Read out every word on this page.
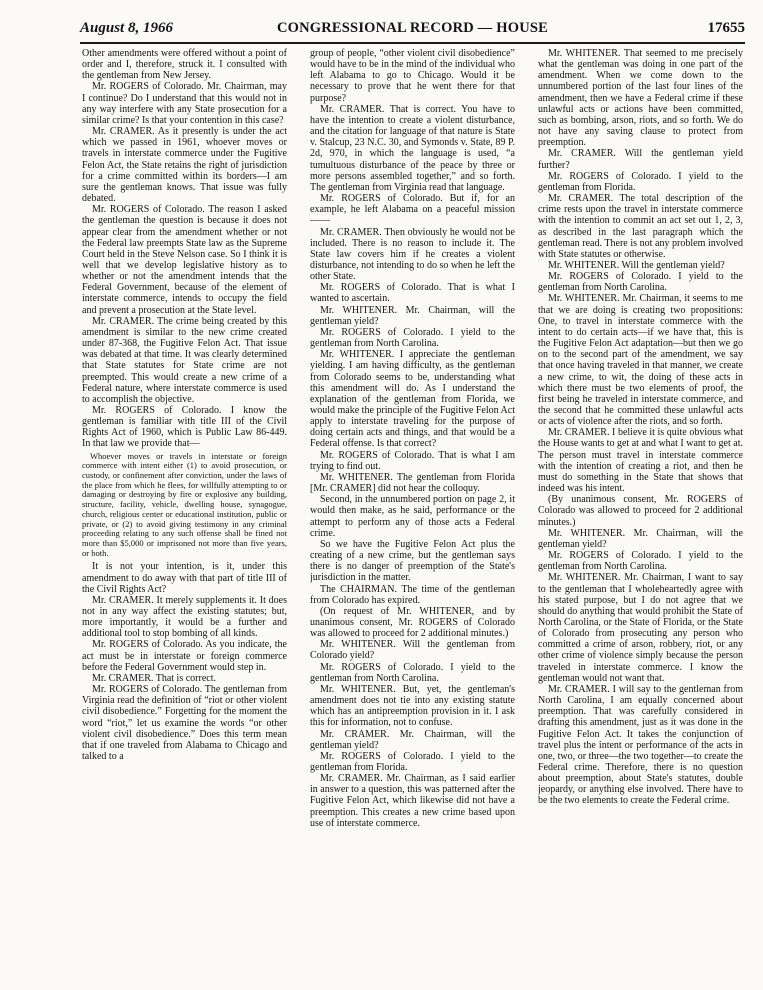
August 8, 1966	CONGRESSIONAL RECORD — HOUSE	17655

Other amendments were offered without a point of order and I, therefore, struck it. I consulted with the gentleman from New Jersey.

Mr. ROGERS of Colorado. Mr. Chairman, may I continue? Do I understand that this would not in any way interfere with any State prosecution for a similar crime? Is that your contention in this case?

Mr. CRAMER. As it presently is under the act which we passed in 1961, whoever moves or travels in interstate commerce under the Fugitive Felon Act, the State retains the right of jurisdiction for a crime committed within its borders—I am sure the gentleman knows. That issue was fully debated.

Mr. ROGERS of Colorado. The reason I asked the gentleman the question is because it does not appear clear from the amendment whether or not the Federal law preempts State law as the Supreme Court held in the Steve Nelson case. So I think it is well that we develop legislative history as to whether or not the amendment intends that the Federal Government, because of the element of interstate commerce, intends to occupy the field and prevent a prosecution at the State level.

Mr. CRAMER. The crime being created by this amendment is similar to the new crime created under 87-368, the Fugitive Felon Act. That issue was debated at that time. It was clearly determined that State statutes for State crime are not preempted. This would create a new crime of a Federal nature, where interstate commerce is used to accomplish the objective.

Mr. ROGERS of Colorado. I know the gentleman is familiar with title III of the Civil Rights Act of 1960, which is Public Law 86-449. In that law we provide that—

Whoever moves or travels in interstate or foreign commerce with intent either (1) to avoid prosecution, or custody, or confinement after conviction, under the laws of the place from which he flees, for willfully attempting to or damaging or destroying by fire or explosive any building, structure, facility, vehicle, dwelling house, synagogue, church, religious center or educational institution, public or private, or (2) to avoid giving testimony in any criminal proceeding relating to any such offense shall be fined not more than $5,000 or imprisoned not more than five years, or both.

It is not your intention, is it, under this amendment to do away with that part of title III of the Civil Rights Act?

Mr. CRAMER. It merely supplements it. It does not in any way affect the existing statutes; but, more importantly, it would be a further and additional tool to stop bombing of all kinds.

Mr. ROGERS of Colorado. As you indicate, the act must be in interstate or foreign commerce before the Federal Government would step in.

Mr. CRAMER. That is correct.

Mr. ROGERS of Colorado. The gentleman from Virginia read the definition of “riot or other violent civil disobedience.” Forgetting for the moment the word “riot,” let us examine the words “or other violent civil disobedience.” Does this term mean that if one traveled from Alabama to Chicago and talked to a

group of people, “other violent civil disobedience” would have to be in the mind of the individual who left Alabama to go to Chicago. Would it be necessary to prove that he went there for that purpose?

Mr. CRAMER. That is correct. You have to have the intention to create a violent disturbance, and the citation for language of that nature is State v. Stalcup, 23 N.C. 30, and Symonds v. State, 89 P. 2d, 970, in which the language is used, “a tumultuous disturbance of the peace by three or more persons assembled together,” and so forth. The gentleman from Virginia read that language.

Mr. ROGERS of Colorado. But if, for an example, he left Alabama on a peaceful mission——

Mr. CRAMER. Then obviously he would not be included. There is no reason to include it. The State law covers him if he creates a violent disturbance, not intending to do so when he left the other State.

Mr. ROGERS of Colorado. That is what I wanted to ascertain.

Mr. WHITENER. Mr. Chairman, will the gentleman yield?

Mr. ROGERS of Colorado. I yield to the gentleman from North Carolina.

Mr. WHITENER. I appreciate the gentleman yielding. I am having difficulty, as the gentleman from Colorado seems to be, understanding what this amendment will do. As I understand the explanation of the gentleman from Florida, we would make the principle of the Fugitive Felon Act apply to interstate traveling for the purpose of doing certain acts and things, and that would be a Federal offense. Is that correct?

Mr. ROGERS of Colorado. That is what I am trying to find out.

Mr. WHITENER. The gentleman from Florida [Mr. CRAMER] did not hear the colloquy.

Second, in the unnumbered portion on page 2, it would then make, as he said, performance or the attempt to perform any of those acts a Federal crime.

So we have the Fugitive Felon Act plus the creating of a new crime, but the gentleman says there is no danger of preemption of the State's jurisdiction in the matter.

The CHAIRMAN. The time of the gentleman from Colorado has expired.

(On request of Mr. WHITENER, and by unanimous consent, Mr. ROGERS of Colorado was allowed to proceed for 2 additional minutes.)

Mr. WHITENER. Will the gentleman from Colorado yield?

Mr. ROGERS of Colorado. I yield to the gentleman from North Carolina.

Mr. WHITENER. But, yet, the gentleman's amendment does not tie into any existing statute which has an antipreemption provision in it. I ask this for information, not to confuse.

Mr. CRAMER. Mr. Chairman, will the gentleman yield?

Mr. ROGERS of Colorado. I yield to the gentleman from Florida.

Mr. CRAMER. Mr. Chairman, as I said earlier in answer to a question, this was patterned after the Fugitive Felon Act, which likewise did not have a preemption. This creates a new crime based upon use of interstate commerce.

Mr. WHITENER. That seemed to me precisely what the gentleman was doing in one part of the amendment. When we come down to the unnumbered portion of the last four lines of the amendment, then we have a Federal crime if these unlawful acts or actions have been committed, such as bombing, arson, riots, and so forth. We do not have any saving clause to protect from preemption.

Mr. CRAMER. Will the gentleman yield further?

Mr. ROGERS of Colorado. I yield to the gentleman from Florida.

Mr. CRAMER. The total description of the crime rests upon the travel in interstate commerce with the intention to commit an act set out 1, 2, 3, as described in the last paragraph which the gentleman read. There is not any problem involved with State statutes or otherwise.

Mr. WHITENER. Will the gentleman yield?

Mr. ROGERS of Colorado. I yield to the gentleman from North Carolina.

Mr. WHITENER. Mr. Chairman, it seems to me that we are doing is creating two propositions: One, to travel in interstate commerce with the intent to do certain acts—if we have that, this is the Fugitive Felon Act adaptation—but then we go on to the second part of the amendment, we say that once having traveled in that manner, we create a new crime, to wit, the doing of these acts in which there must be two elements of proof, the first being he traveled in interstate commerce, and the second that he committed these unlawful acts or acts of violence after the riots, and so forth.

Mr. CRAMER. I believe it is quite obvious what the House wants to get at and what I want to get at. The person must travel in interstate commerce with the intention of creating a riot, and then he must do something in the State that shows that indeed was his intent.

(By unanimous consent, Mr. ROGERS of Colorado was allowed to proceed for 2 additional minutes.)

Mr. WHITENER. Mr. Chairman, will the gentleman yield?

Mr. ROGERS of Colorado. I yield to the gentleman from North Carolina.

Mr. WHITENER. Mr. Chairman, I want to say to the gentleman that I wholeheartedly agree with his stated purpose, but I do not agree that we should do anything that would prohibit the State of North Carolina, or the State of Florida, or the State of Colorado from prosecuting any person who committed a crime of arson, robbery, riot, or any other crime of violence simply because the person traveled in interstate commerce. I know the gentleman would not want that.

Mr. CRAMER. I will say to the gentleman from North Carolina, I am equally concerned about preemption. That was carefully considered in drafting this amendment, just as it was done in the Fugitive Felon Act. It takes the conjunction of travel plus the intent or performance of the acts in one, two, or three—the two together—to create the Federal crime. Therefore, there is no question about preemption, about State's statutes, double jeopardy, or anything else involved. There have to be the two elements to create the Federal crime.
